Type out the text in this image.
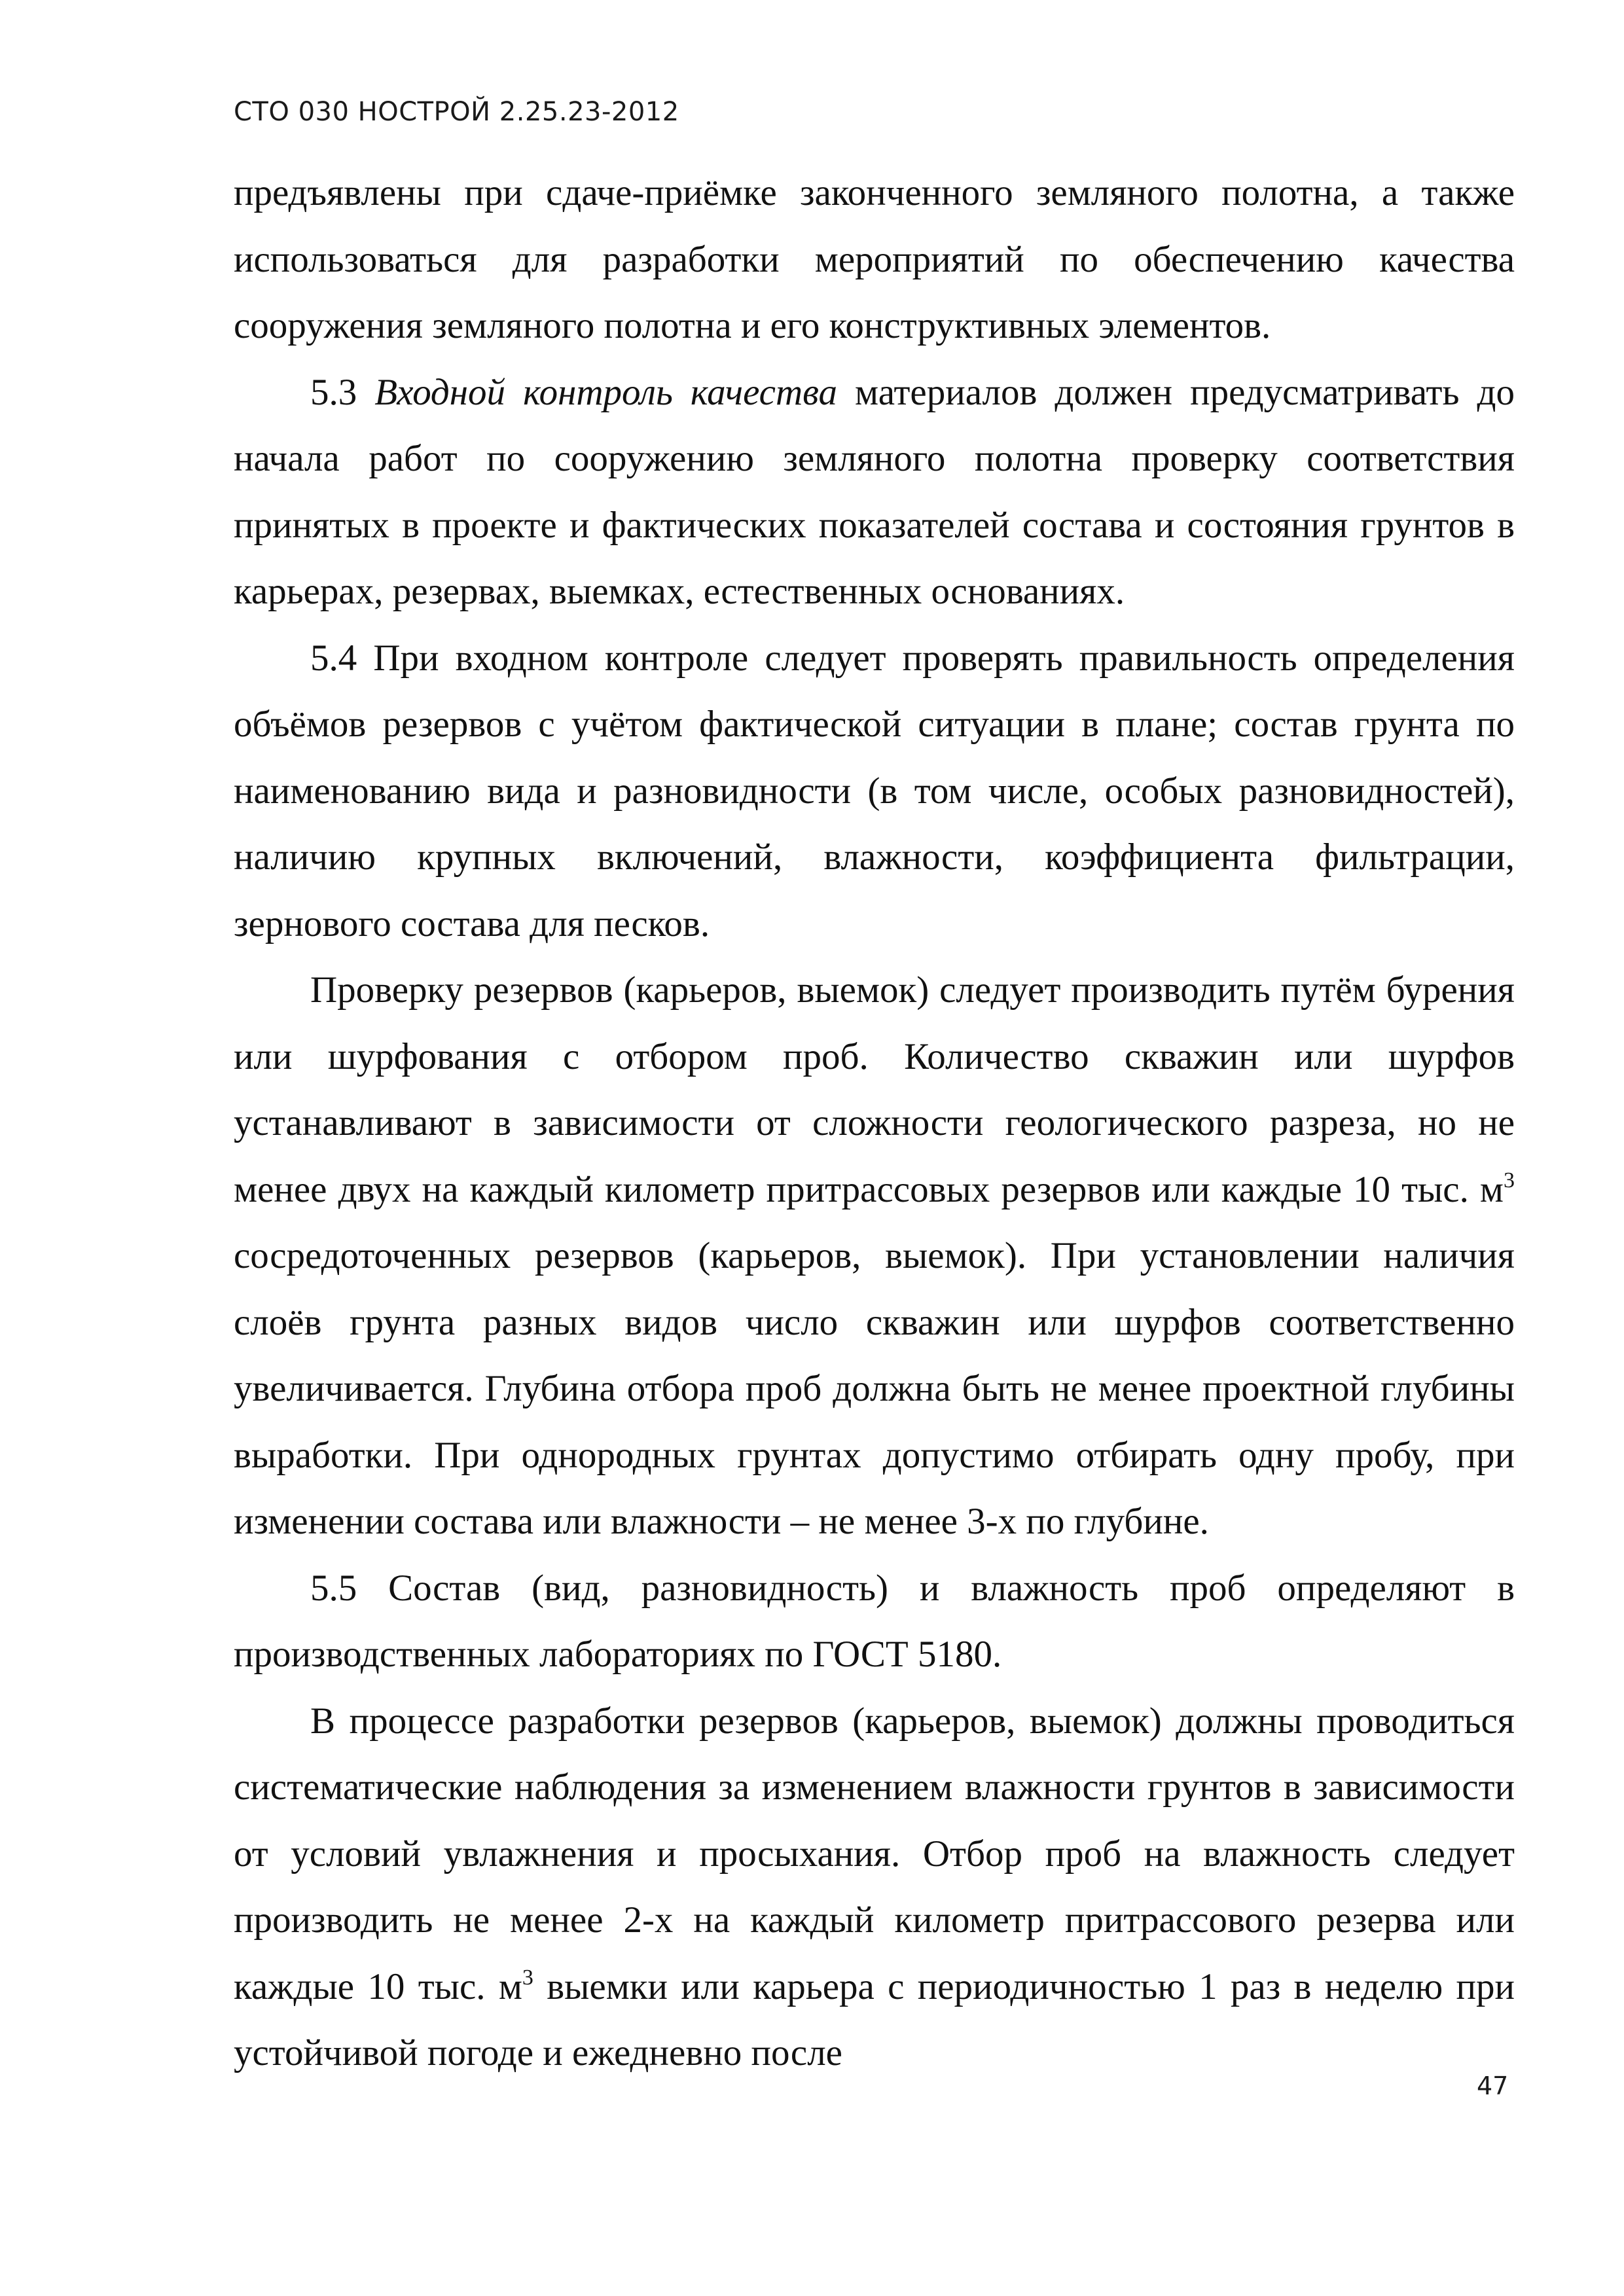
СТО 030 НОСТРОЙ 2.25.23-2012

предъявлены при сдаче-приёмке законченного земляного полотна, а также использоваться для разработки мероприятий по обеспечению качества сооружения земляного полотна и его конструктивных элементов.

5.3 Входной контроль качества материалов должен предусматривать до начала работ по сооружению земляного полотна проверку соответствия принятых в проекте и фактических показателей состава и состояния грунтов в карьерах, резервах, выемках, естественных основаниях.

5.4 При входном контроле следует проверять правильность определения объёмов резервов с учётом фактической ситуации в плане; состав грунта по наименованию вида и разновидности (в том числе, особых разновидностей), наличию крупных включений, влажности, коэффициента фильтрации, зернового состава для песков.

Проверку резервов (карьеров, выемок) следует производить путём бурения или шурфования с отбором проб. Количество скважин или шурфов устанавливают в зависимости от сложности геологического разреза, но не менее двух на каждый километр притрассовых резервов или каждые 10 тыс. $м^3$ сосредоточенных резервов (карьеров, выемок). При установлении наличия слоёв грунта разных видов число скважин или шурфов соответственно увеличивается. Глубина отбора проб должна быть не менее проектной глубины выработки. При однородных грунтах допустимо отбирать одну пробу, при изменении состава или влажности – не менее 3-х по глубине.

5.5 Состав (вид, разновидность) и влажность проб определяют в производственных лабораториях по ГОСТ 5180.

В процессе разработки резервов (карьеров, выемок) должны проводиться систематические наблюдения за изменением влажности грунтов в зависимости от условий увлажнения и просыхания. Отбор проб на влажность следует производить не менее 2-х на каждый километр притрассового резерва или каждые 10 тыс. $м^3$ выемки или карьера с периодичностью 1 раз в неделю при устойчивой погоде и ежедневно после

47
